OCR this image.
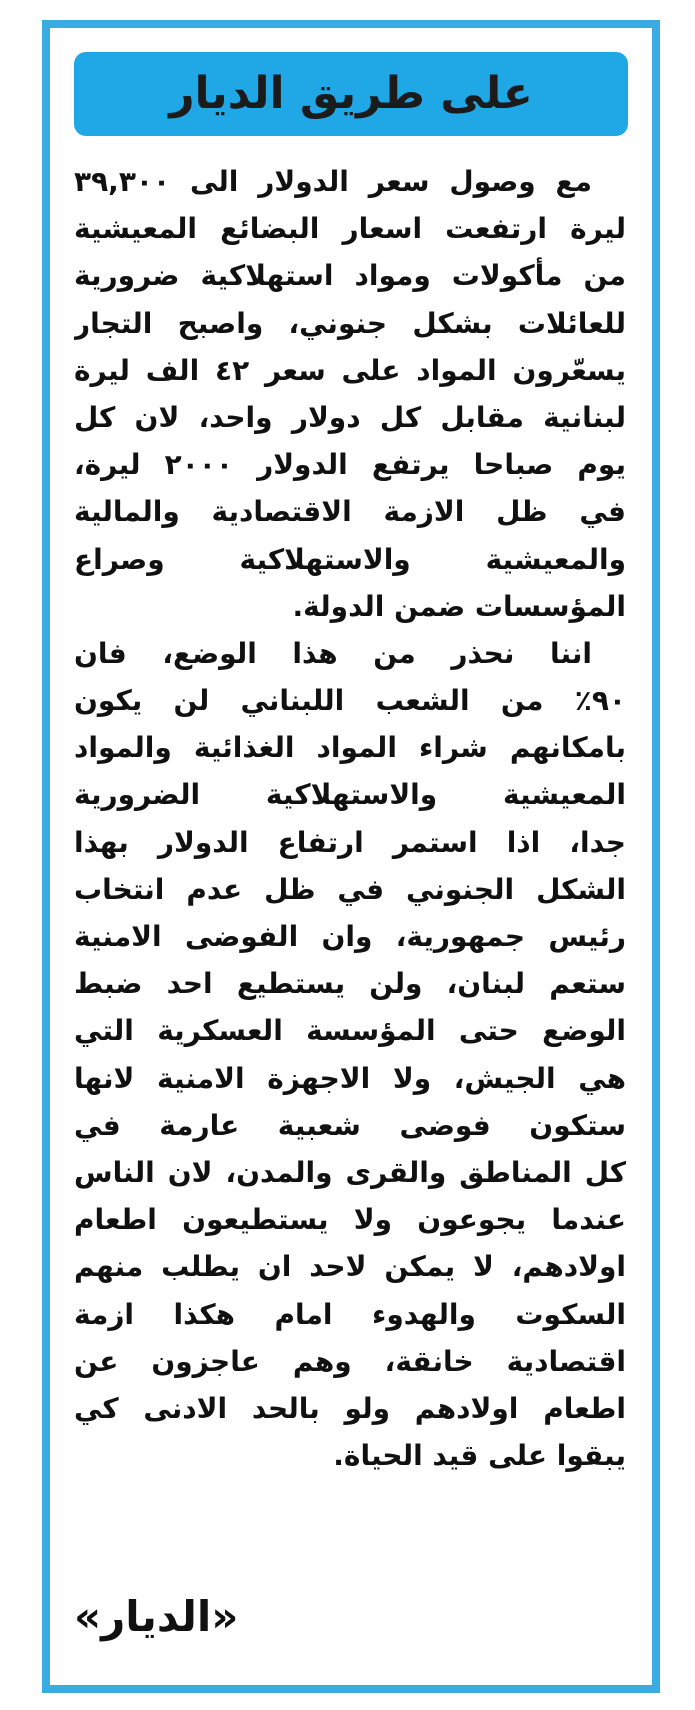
على طريق الديار
مع وصول سعر الدولار الى ٣٩,٣٠٠
ليرة ارتفعت اسعار البضائع المعيشية
من مأكولات ومواد استهلاكية ضرورية
للعائلات بشكل جنوني، واصبح التجار
يسعّرون المواد على سعر ٤٢ الف ليرة
لبنانية مقابل كل دولار واحد، لان كل
يوم صباحا يرتفع الدولار ٢٠٠٠ ليرة،
في ظل الازمة الاقتصادية والمالية
والمعيشية والاستهلاكية وصراع
المؤسسات ضمن الدولة.
اننا نحذر من هذا الوضع، فان
٩٠٪ من الشعب اللبناني لن يكون
بامكانهم شراء المواد الغذائية والمواد
المعيشية والاستهلاكية الضرورية
جدا، اذا استمر ارتفاع الدولار بهذا
الشكل الجنوني في ظل عدم انتخاب
رئيس جمهورية، وان الفوضى الامنية
ستعم لبنان، ولن يستطيع احد ضبط
الوضع حتى المؤسسة العسكرية التي
هي الجيش، ولا الاجهزة الامنية لانها
ستكون فوضى شعبية عارمة في
كل المناطق والقرى والمدن، لان الناس
عندما يجوعون ولا يستطيعون اطعام
اولادهم، لا يمكن لاحد ان يطلب منهم
السكوت والهدوء امام هكذا ازمة
اقتصادية خانقة، وهم عاجزون عن
اطعام اولادهم ولو بالحد الادنى كي
يبقوا على قيد الحياة.
«الديار»
